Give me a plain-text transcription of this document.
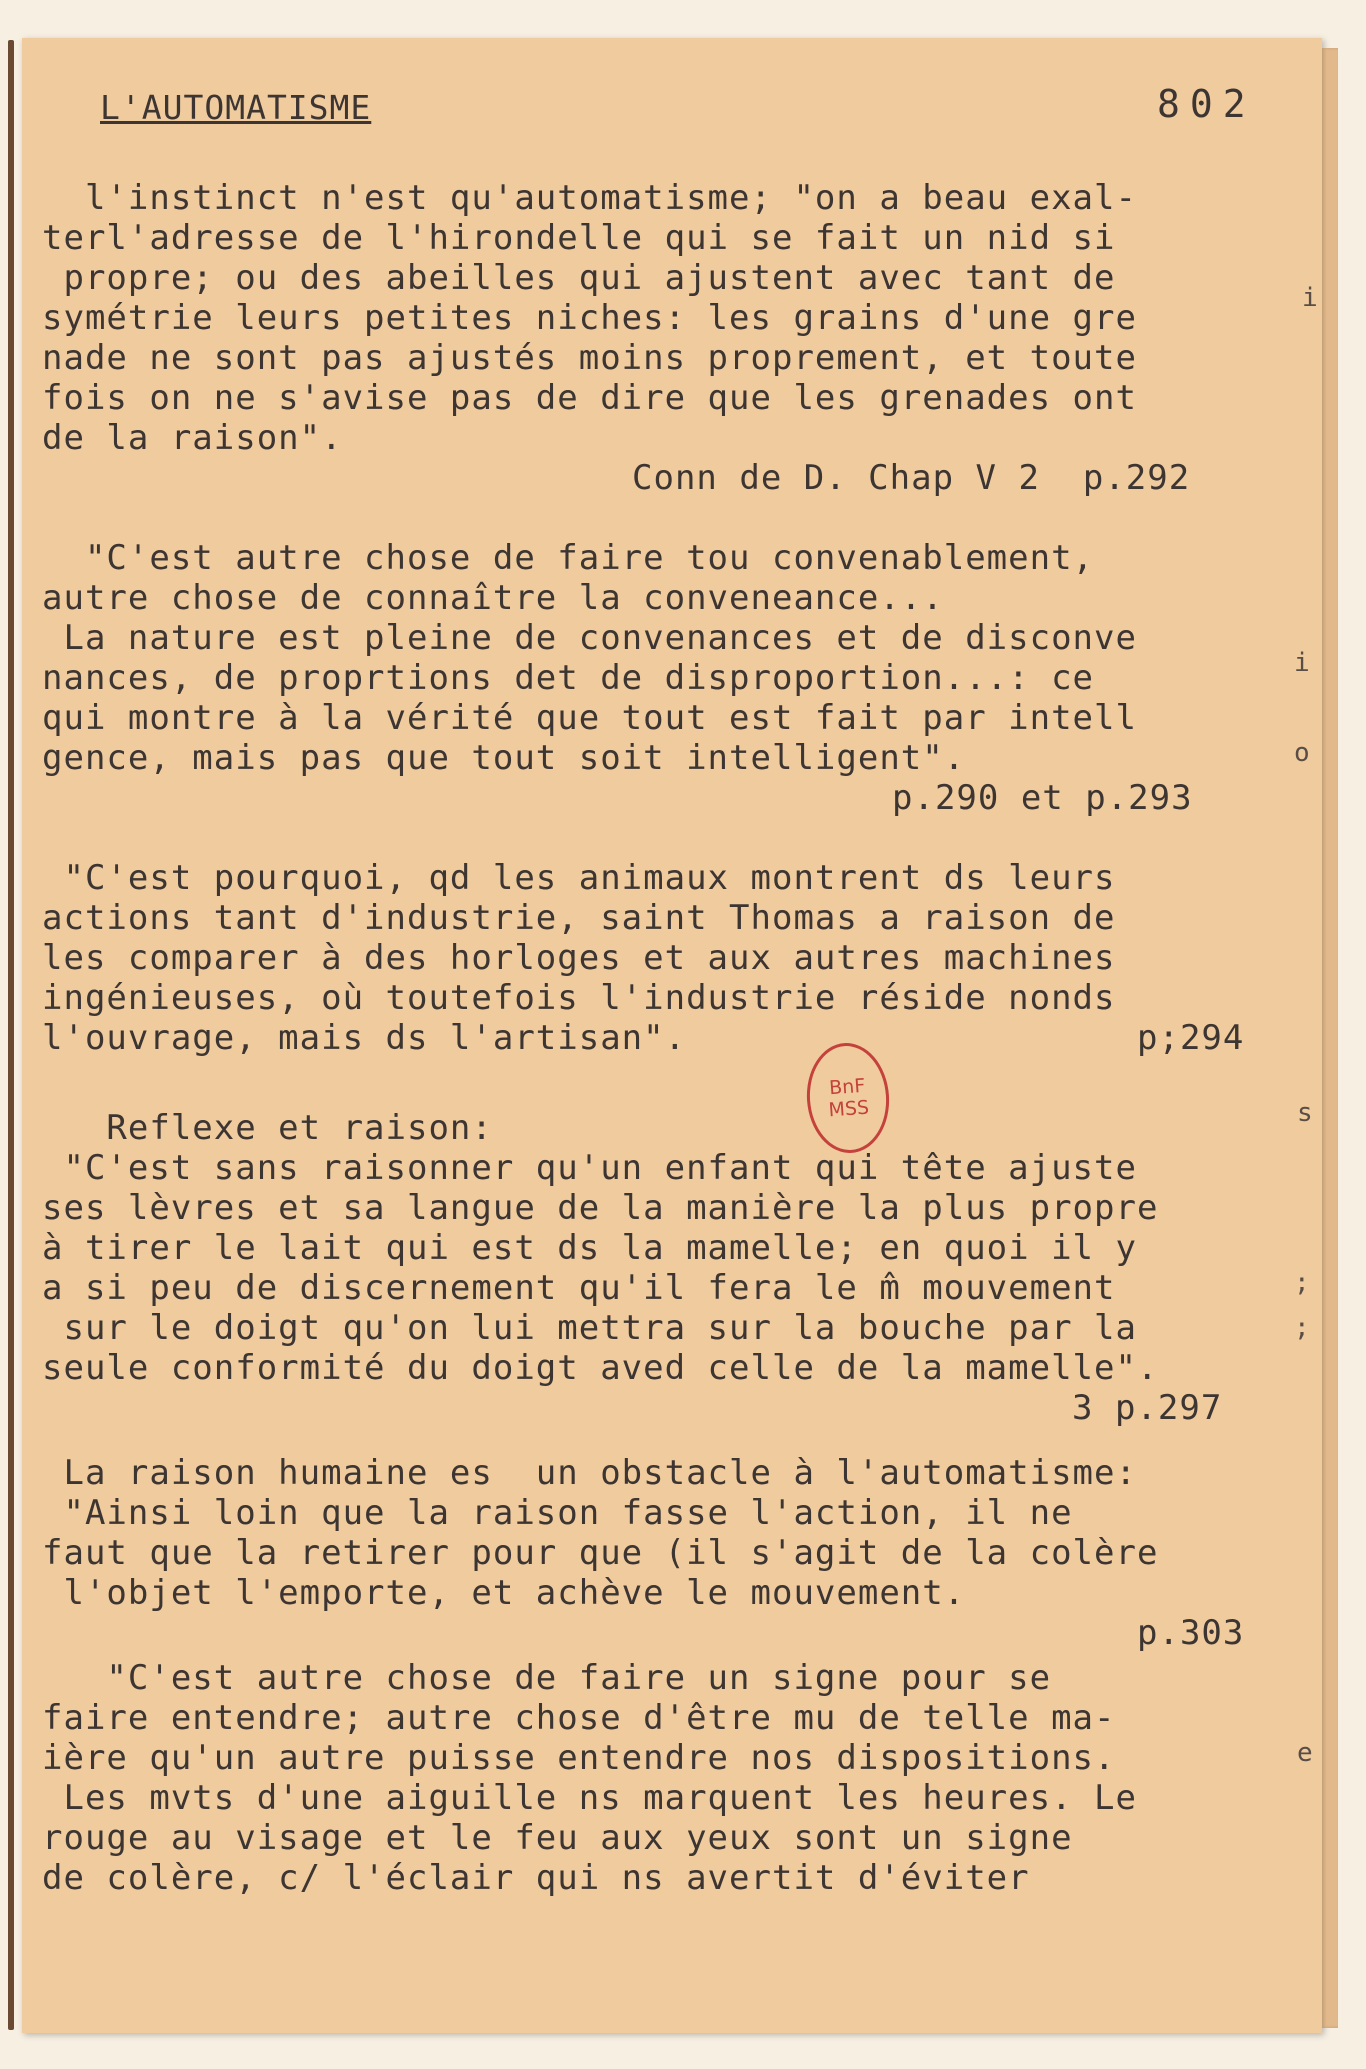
L'AUTOMATISME	802
l'instinct n'est qu'automatisme; "on a beau exal-
terl'adresse de l'hirondelle qui se fait un nid si
propre; ou des abeilles qui ajustent avec tant de
symétrie leurs petites niches: les grains d'une gre
nade ne sont pas ajustés moins proprement, et toute
fois on ne s'avise pas de dire que les grenades ont
de la raison".
Conn de D. Chap V 2  p.292
"C'est autre chose de faire tou convenablement,
autre chose de connaître la conveneance...
La nature est pleine de convenances et de disconve
nances, de proprtions det de disproportion...: ce
qui montre à la vérité que tout est fait par intell
gence, mais pas que tout soit intelligent".
p.290 et p.293
"C'est pourquoi, qd les animaux montrent ds leurs
actions tant d'industrie, saint Thomas a raison de
les comparer à des horloges et aux autres machines
ingénieuses, où toutefois l'industrie réside nonds
l'ouvrage, mais ds l'artisan".	p;294
BnF
MSS
Reflexe et raison:
"C'est sans raisonner qu'un enfant qui tête ajuste
ses lèvres et sa langue de la manière la plus propre
à tirer le lait qui est ds la mamelle; en quoi il y
a si peu de discernement qu'il fera le m̂ mouvement
sur le doigt qu'on lui mettra sur la bouche par la
seule conformité du doigt aved celle de la mamelle".
3 p.297
La raison humaine es  un obstacle à l'automatisme:
"Ainsi loin que la raison fasse l'action, il ne
faut que la retirer pour que (il s'agit de la colère
l'objet l'emporte, et achève le mouvement.
p.303
"C'est autre chose de faire un signe pour se
faire entendre; autre chose d'être mu de telle ma-
ière qu'un autre puisse entendre nos dispositions.
Les mvts d'une aiguille ns marquent les heures. Le
rouge au visage et le feu aux yeux sont un signe
de colère, c/ l'éclair qui ns avertit d'éviter
i
i
o
s
;
;
e
